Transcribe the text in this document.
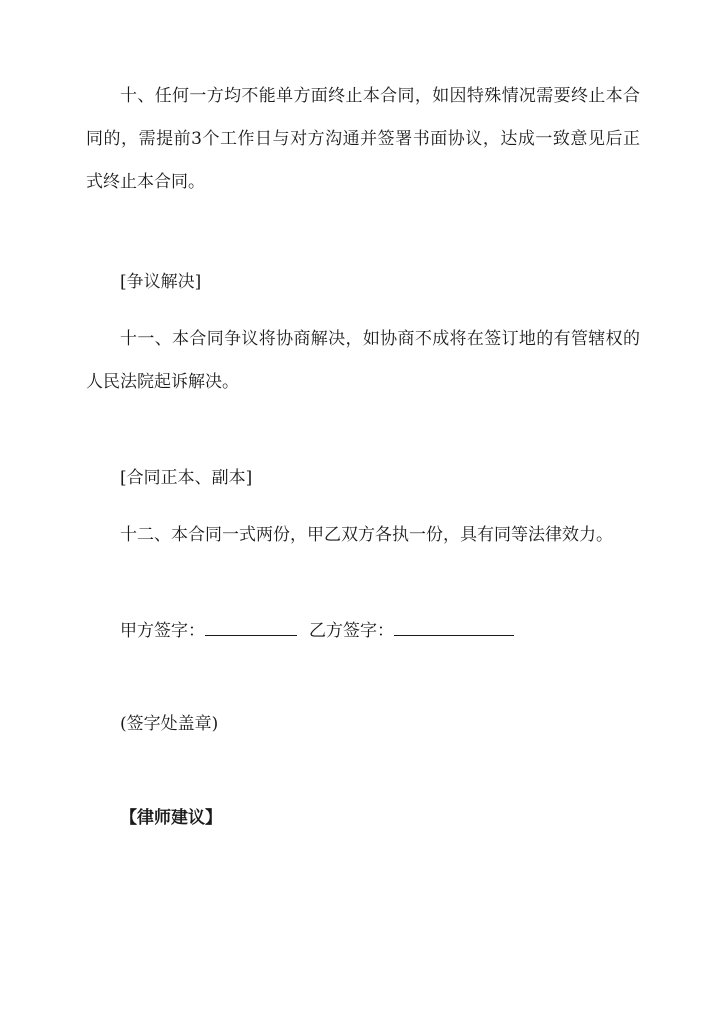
十、任何一方均不能单方面终止本合同，如因特殊情况需要终止本合同的，需提前3个工作日与对方沟通并签署书面协议，达成一致意见后正式终止本合同。

[争议解决]

十一、本合同争议将协商解决，如协商不成将在签订地的有管辖权的人民法院起诉解决。

[合同正本、副本]

十二、本合同一式两份，甲乙双方各执一份，具有同等法律效力。

甲方签字：	乙方签字：

(签字处盖章)

【律师建议】
